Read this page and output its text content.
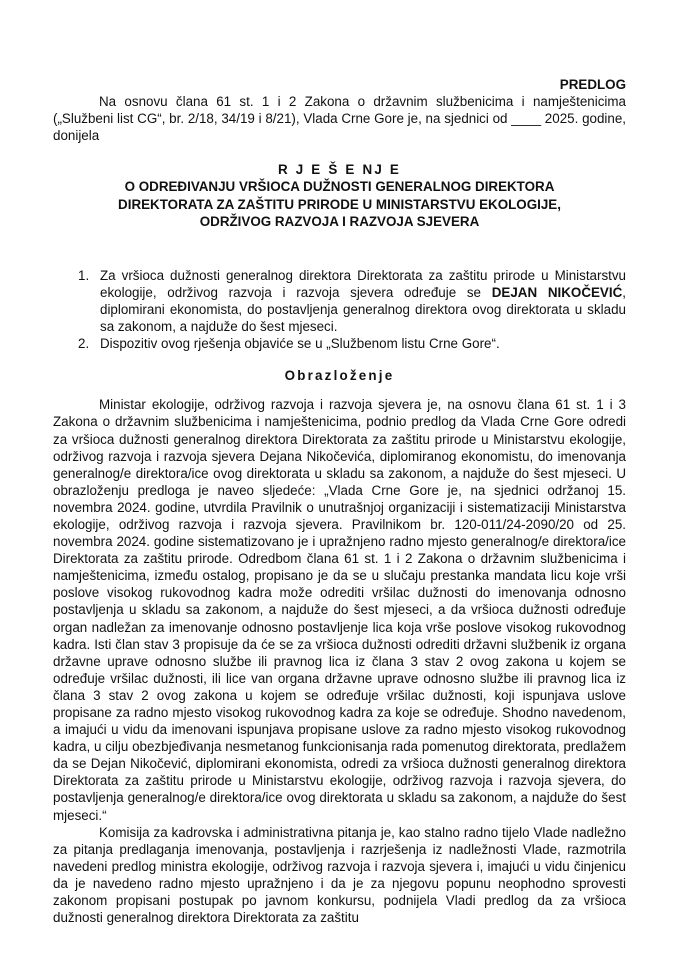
PREDLOG

Na osnovu člana 61 st. 1 i 2 Zakona o državnim službenicima i namještenicima („Službeni list CG“, br. 2/18, 34/19 i 8/21), Vlada Crne Gore je, na sjednici od ____ 2025. godine, donijela

R J E Š E NJ E

O ODREĐIVANJU VRŠIOCA DUŽNOSTI GENERALNOG DIREKTORA

DIREKTORATA ZA ZAŠTITU PRIRODE U MINISTARSTVU EKOLOGIJE,

ODRŽIVOG RAZVOJA I RAZVOJA SJEVERA

1. Za vršioca dužnosti generalnog direktora Direktorata za zaštitu prirode u Ministarstvu ekologije, održivog razvoja i razvoja sjevera određuje se DEJAN NIKOČEVIĆ, diplomirani ekonomista, do postavljenja generalnog direktora ovog direktorata u skladu sa zakonom, a najduže do šest mjeseci.
2. Dispozitiv ovog rješenja objaviće se u „Službenom listu Crne Gore“.

Obrazloženje

Ministar ekologije, održivog razvoja i razvoja sjevera je, na osnovu člana 61 st. 1 i 3 Zakona o državnim službenicima i namještenicima, podnio predlog da Vlada Crne Gore odredi za vršioca dužnosti generalnog direktora Direktorata za zaštitu prirode u Ministarstvu ekologije, održivog razvoja i razvoja sjevera Dejana Nikočevića, diplomiranog ekonomistu, do imenovanja generalnog/e direktora/ice ovog direktorata u skladu sa zakonom, a najduže do šest mjeseci. U obrazloženju predloga je naveo sljedeće: „Vlada Crne Gore je, na sjednici održanoj 15. novembra 2024. godine, utvrdila Pravilnik o unutrašnjoj organizaciji i sistematizaciji Ministarstva ekologije, održivog razvoja i razvoja sjevera. Pravilnikom br. 120-011/24-2090/20 od 25. novembra 2024. godine sistematizovano je i upražnjeno radno mjesto generalnog/e direktora/ice Direktorata za zaštitu prirode. Odredbom člana 61 st. 1 i 2 Zakona o državnim službenicima i namještenicima, između ostalog, propisano je da se u slučaju prestanka mandata licu koje vrši poslove visokog rukovodnog kadra može odrediti vršilac dužnosti do imenovanja odnosno postavljenja u skladu sa zakonom, a najduže do šest mjeseci, a da vršioca dužnosti određuje organ nadležan za imenovanje odnosno postavljenje lica koja vrše poslove visokog rukovodnog kadra. Isti član stav 3 propisuje da će se za vršioca dužnosti odrediti državni službenik iz organa državne uprave odnosno službe ili pravnog lica iz člana 3 stav 2 ovog zakona u kojem se određuje vršilac dužnosti, ili lice van organa državne uprave odnosno službe ili pravnog lica iz člana 3 stav 2 ovog zakona u kojem se određuje vršilac dužnosti, koji ispunjava uslove propisane za radno mjesto visokog rukovodnog kadra za koje se određuje. Shodno navedenom, a imajući u vidu da imenovani ispunjava propisane uslove za radno mjesto visokog rukovodnog kadra, u cilju obezbjeđivanja nesmetanog funkcionisanja rada pomenutog direktorata, predlažem da se Dejan Nikočević, diplomirani ekonomista, odredi za vršioca dužnosti generalnog direktora Direktorata za zaštitu prirode u Ministarstvu ekologije, održivog razvoja i razvoja sjevera, do postavljenja generalnog/e direktora/ice ovog direktorata u skladu sa zakonom, a najduže do šest mjeseci.“

Komisija za kadrovska i administrativna pitanja je, kao stalno radno tijelo Vlade nadležno za pitanja predlaganja imenovanja, postavljenja i razrješenja iz nadležnosti Vlade, razmotrila navedeni predlog ministra ekologije, održivog razvoja i razvoja sjevera i, imajući u vidu činjenicu da je navedeno radno mjesto upražnjeno i da je za njegovu popunu neophodno sprovesti zakonom propisani postupak po javnom konkursu, podnijela Vladi predlog da za vršioca dužnosti generalnog direktora Direktorata za zaštitu
